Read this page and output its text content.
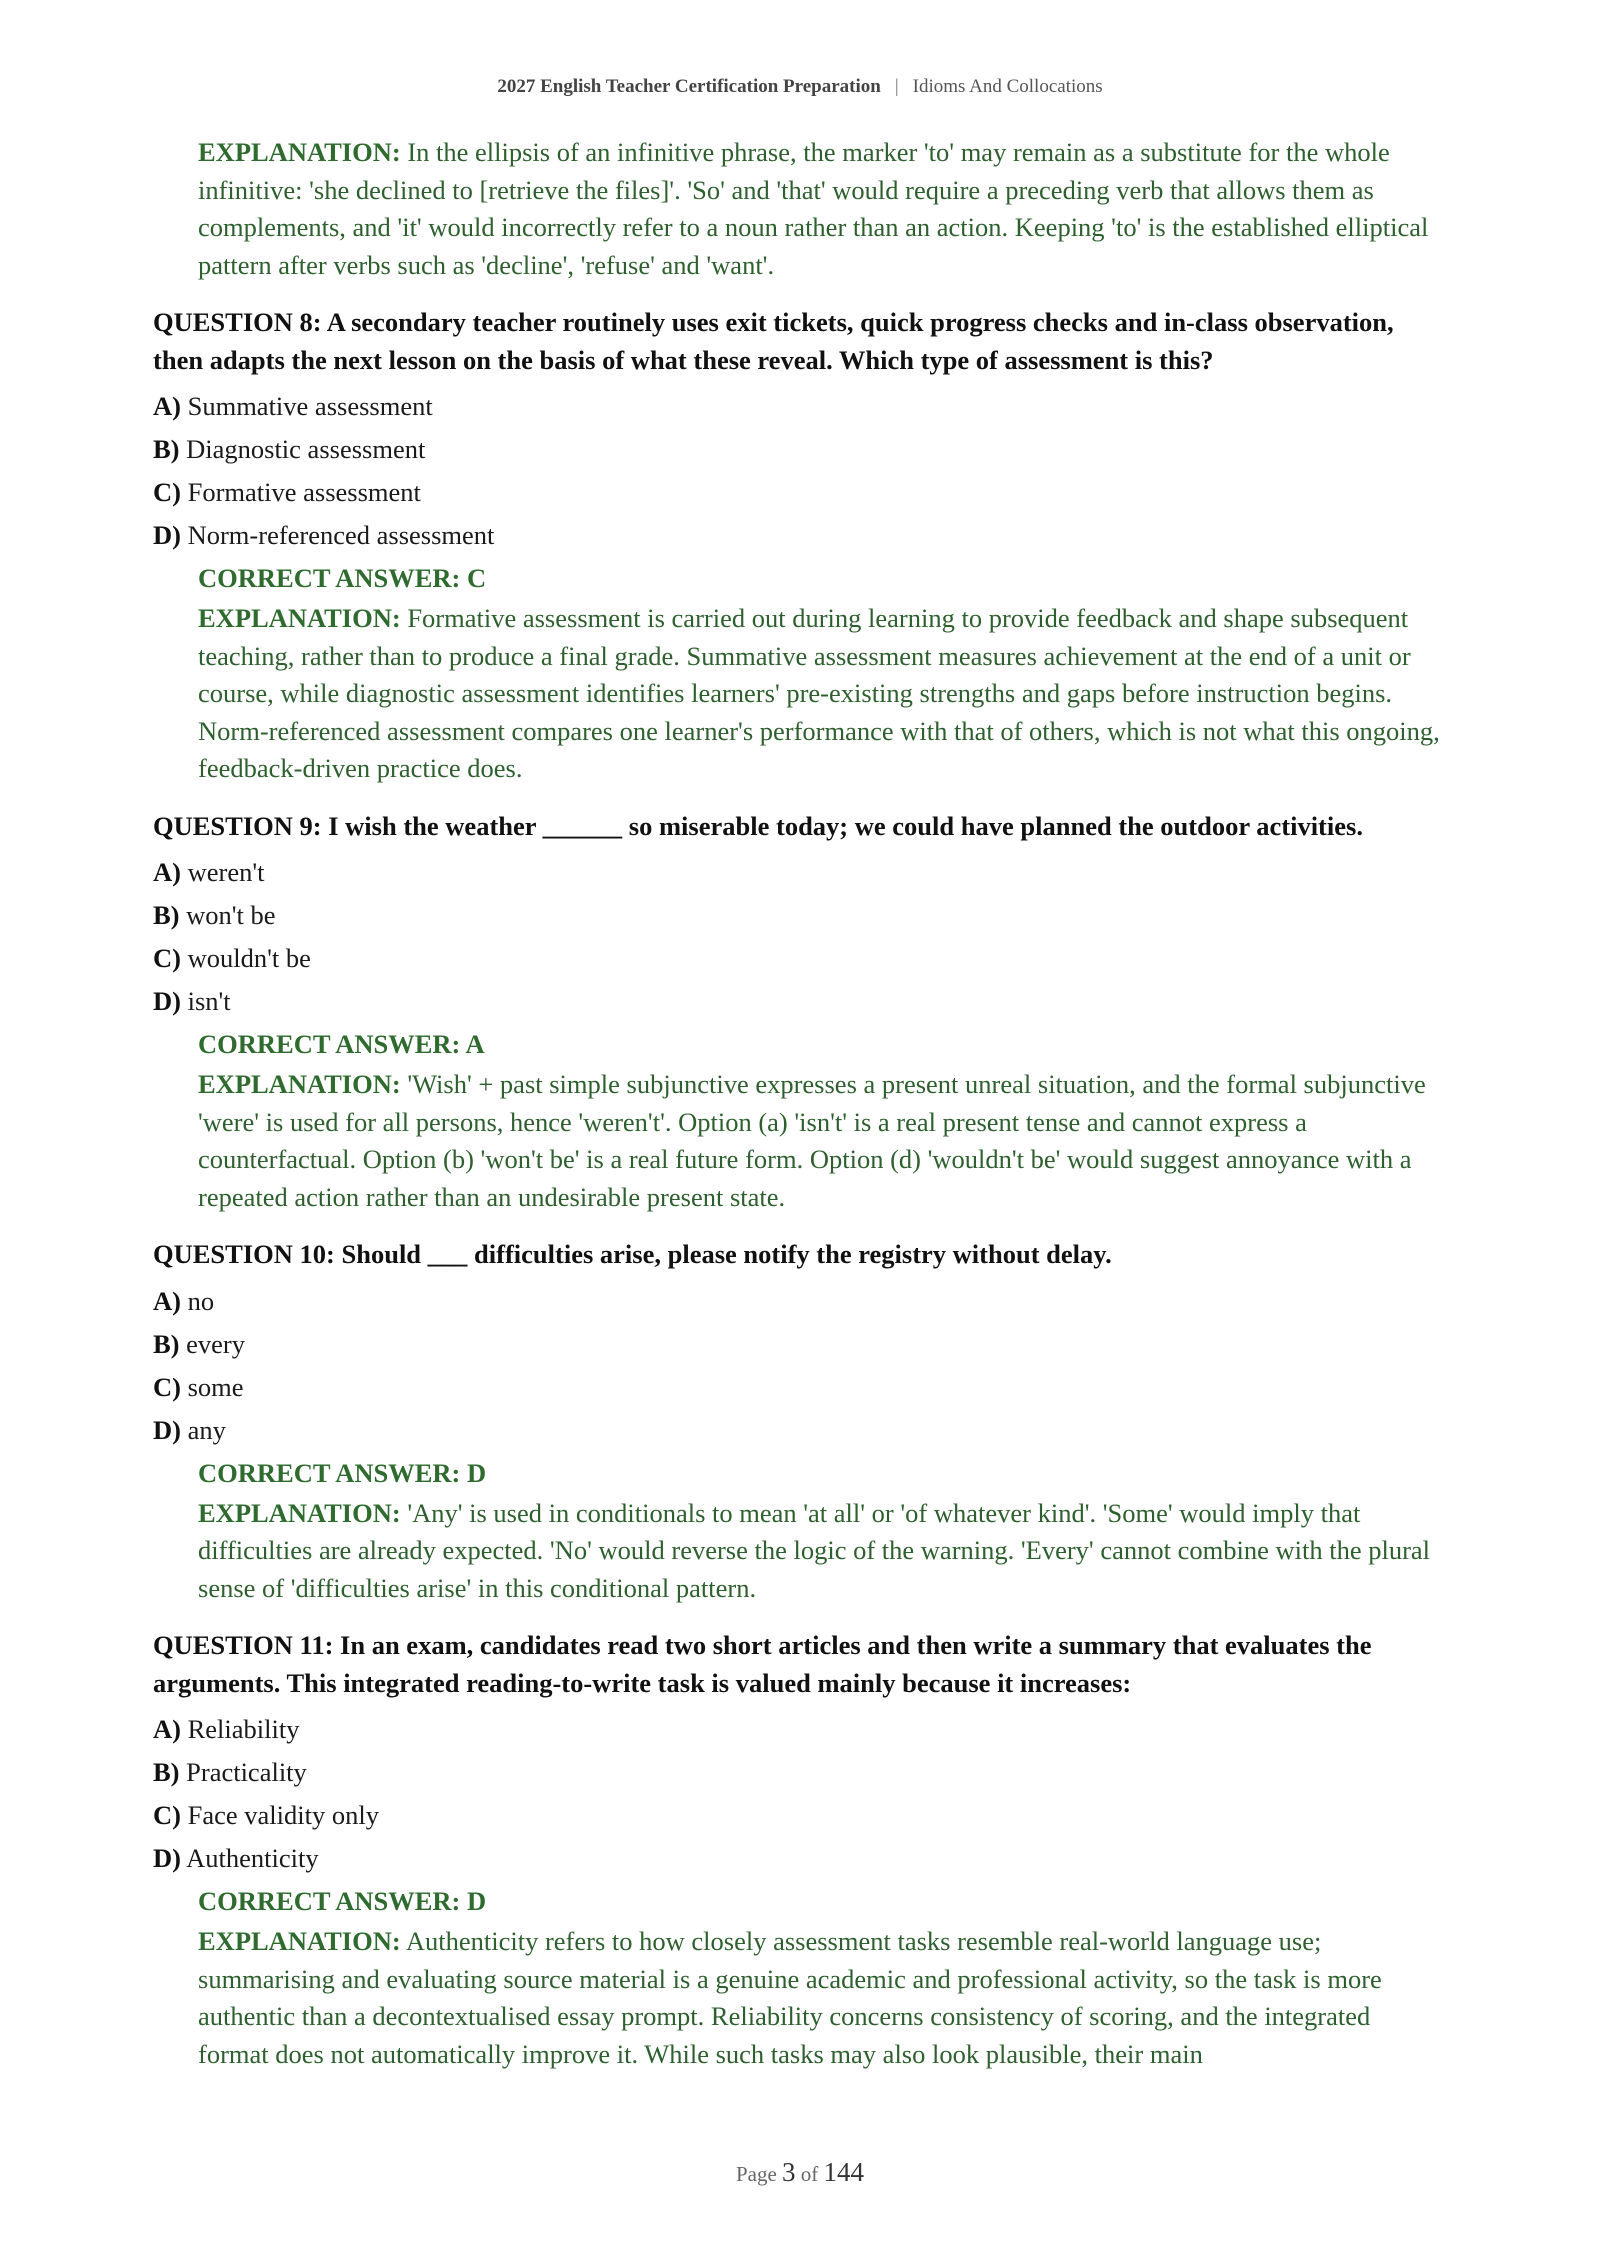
2027 English Teacher Certification Preparation | Idioms And Collocations

EXPLANATION: In the ellipsis of an infinitive phrase, the marker 'to' may remain as a substitute for the whole infinitive: 'she declined to [retrieve the files]'. 'So' and 'that' would require a preceding verb that allows them as complements, and 'it' would incorrectly refer to a noun rather than an action. Keeping 'to' is the established elliptical pattern after verbs such as 'decline', 'refuse' and 'want'.

QUESTION 8: A secondary teacher routinely uses exit tickets, quick progress checks and in-class observation, then adapts the next lesson on the basis of what these reveal. Which type of assessment is this?

A) Summative assessment
B) Diagnostic assessment
C) Formative assessment
D) Norm-referenced assessment
CORRECT ANSWER: C

EXPLANATION: Formative assessment is carried out during learning to provide feedback and shape subsequent teaching, rather than to produce a final grade. Summative assessment measures achievement at the end of a unit or course, while diagnostic assessment identifies learners' pre-existing strengths and gaps before instruction begins. Norm-referenced assessment compares one learner's performance with that of others, which is not what this ongoing, feedback-driven practice does.

QUESTION 9: I wish the weather ______ so miserable today; we could have planned the outdoor activities.

A) weren't
B) won't be
C) wouldn't be
D) isn't
CORRECT ANSWER: A

EXPLANATION: 'Wish' + past simple subjunctive expresses a present unreal situation, and the formal subjunctive 'were' is used for all persons, hence 'weren't'. Option (a) 'isn't' is a real present tense and cannot express a counterfactual. Option (b) 'won't be' is a real future form. Option (d) 'wouldn't be' would suggest annoyance with a repeated action rather than an undesirable present state.

QUESTION 10: Should ___ difficulties arise, please notify the registry without delay.

A) no
B) every
C) some
D) any
CORRECT ANSWER: D

EXPLANATION: 'Any' is used in conditionals to mean 'at all' or 'of whatever kind'. 'Some' would imply that difficulties are already expected. 'No' would reverse the logic of the warning. 'Every' cannot combine with the plural sense of 'difficulties arise' in this conditional pattern.

QUESTION 11: In an exam, candidates read two short articles and then write a summary that evaluates the arguments. This integrated reading-to-write task is valued mainly because it increases:

A) Reliability
B) Practicality
C) Face validity only
D) Authenticity
CORRECT ANSWER: D

EXPLANATION: Authenticity refers to how closely assessment tasks resemble real-world language use; summarising and evaluating source material is a genuine academic and professional activity, so the task is more authentic than a decontextualised essay prompt. Reliability concerns consistency of scoring, and the integrated format does not automatically improve it. While such tasks may also look plausible, their main

Page 3 of 144
